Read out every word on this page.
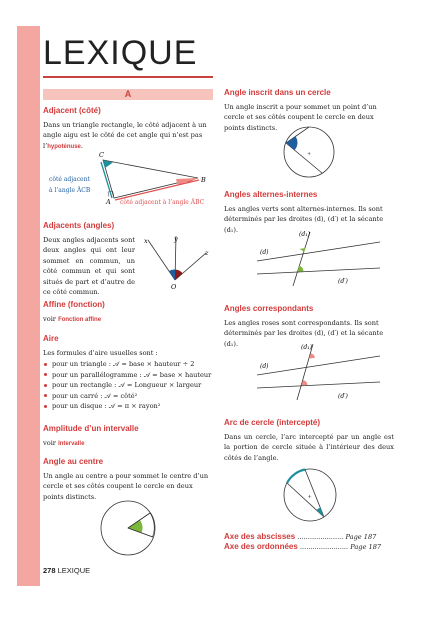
LEXIQUE
A

Adjacent (côté)

Dans un triangle rectangle, le côté adjacent à un angle aigu est le côté de cet angle qui n’est pas l’hypoténuse.

C
A
B
côté adjacent
à l’angle ÂCB
côté adjacent à l’angle ÂBC

Adjacents (angles)

Deux angles adjacents sont deux angles qui ont leur sommet en commun, un côté commun et qui sont situés de part et d’autre de ce côté commun.

x	y
z
O

Affine (fonction)

voir Fonction affine

Aire

Les formules d’aire usuelles sont :

pour un triangle : 𝒜 = base × hauteur ÷ 2
pour un parallélogramme : 𝒜 = base × hauteur
pour un rectangle : 𝒜 = Longueur × largeur
pour un carré : 𝒜 = côté²
pour un disque : 𝒜 = π × rayon²

Amplitude d’un intervalle

voir Intervalle

Angle au centre

Un angle au centre a pour sommet le centre d’un cercle et ses côtés coupent le cercle en deux points distincts.

Angle inscrit dans un cercle

Un angle inscrit a pour sommet un point d’un cercle et ses côtés coupent le cercle en deux points distincts.

+

Angles alternes-internes

Les angles verts sont alternes-internes. Ils sont déterminés par les droites (d), (d′) et la sécante (d₁).

(d₁)
(d)
(d′)

Angles correspondants

Les angles roses sont correspondants. Ils sont déterminés par les droites (d), (d′) et la sécante (d₁).	(d₁)
(d)
(d′)

Arc de cercle (intercepté)

Dans un cercle, l’arc intercepté par un angle est la portion de cercle située à l’intérieur des deux côtés de l’angle.

+
Axe des abscisses ...................... Page 187
Axe des ordonnées ....................... Page 187
278 LEXIQUE
